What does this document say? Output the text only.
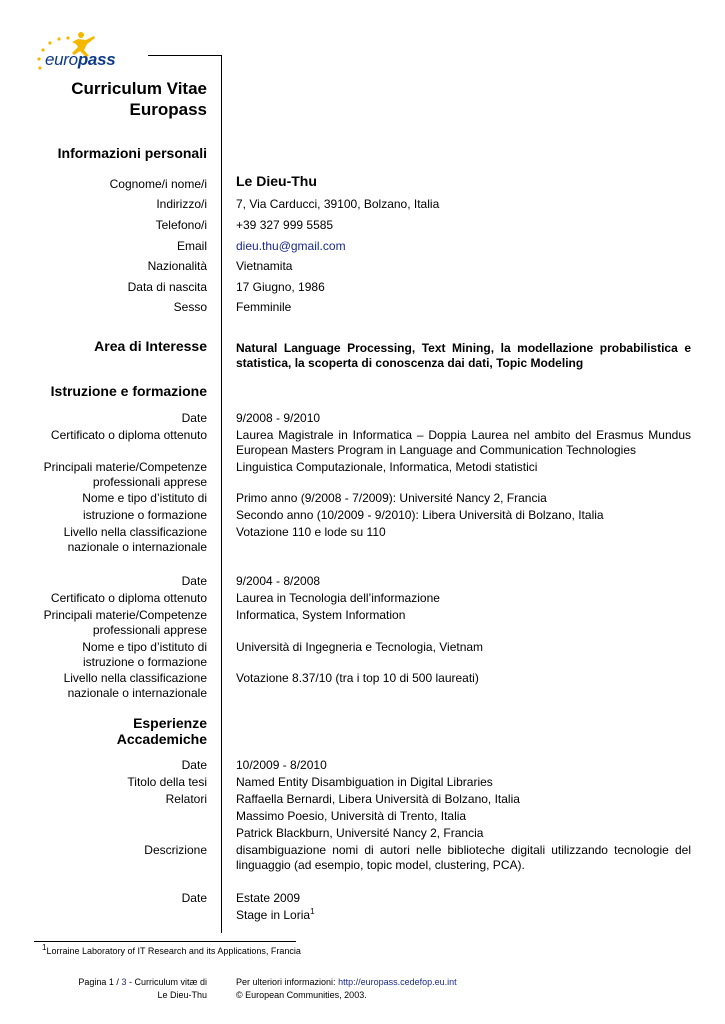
europass
Curriculum Vitae
Europass
Informazioni personali
Cognome/i nome/i Le Dieu-Thu
Indirizzo/i 7, Via Carducci, 39100, Bolzano, Italia
Telefono/i +39 327 999 5585
Email dieu.thu@gmail.com
Nazionalità Vietnamita
Data di nascita 17 Giugno, 1986
Sesso Femminile
Area di Interesse Natural Language Processing, Text Mining, la modellazione probabilistica e statistica, la scoperta di conoscenza dai dati, Topic Modeling
Istruzione e formazione
Date 9/2008 - 9/2010
Certificato o diploma ottenuto Laurea Magistrale in Informatica – Doppia Laurea nel ambito del Erasmus Mundus European Masters Program in Language and Communication Technologies
Principali materie/Competenze
professionali apprese
Linguistica Computazionale, Informatica, Metodi statistici
Nome e tipo d’istituto di
istruzione o formazione
Primo anno (9/2008 - 7/2009): Université Nancy 2, Francia
Secondo anno (10/2009 - 9/2010): Libera Università di Bolzano, Italia
Livello nella classificazione
nazionale o internazionale
Votazione 110 e lode su 110
Date 9/2004 - 8/2008
Certificato o diploma ottenuto Laurea in Tecnologia dell’informazione
Principali materie/Competenze
professionali apprese
Informatica, System Information
Nome e tipo d’istituto di
istruzione o formazione
Università di Ingegneria e Tecnologia, Vietnam
Livello nella classificazione
nazionale o internazionale
Votazione 8.37/10 (tra i top 10 di 500 laureati)
Esperienze
Accademiche
Date 10/2009 - 8/2010
Titolo della tesi Named Entity Disambiguation in Digital Libraries
Relatori Raffaella Bernardi, Libera Università di Bolzano, Italia
Massimo Poesio, Università di Trento, Italia
Patrick Blackburn, Université Nancy 2, Francia
Descrizione disambiguazione nomi di autori nelle biblioteche digitali utilizzando tecnologie del linguaggio (ad esempio, topic model, clustering, PCA).
Date Estate 2009
Stage in Loria$^1$
$^1$Lorraine Laboratory of IT Research and its Applications, Francia
Pagina 1 / 3 - Curriculum vitæ di
Le Dieu-Thu
Per ulteriori informazioni: http://europass.cedefop.eu.int
© European Communities, 2003.
